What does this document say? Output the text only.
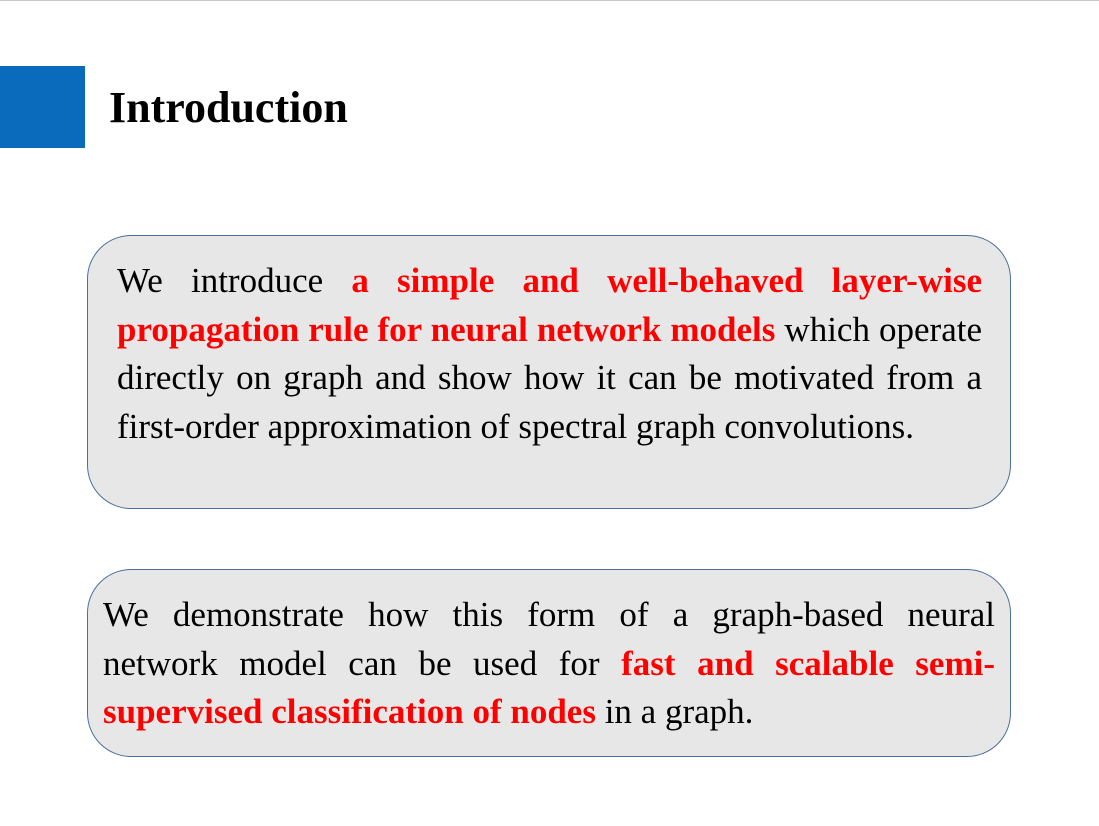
Introduction

We introduce a simple and well-behaved layer-wise propagation rule for neural network models which operate directly on graph and show how it can be motivated from a first-order approximation of spectral graph convolutions.

We demonstrate how this form of a graph-based neural network model can be used for fast and scalable semi-supervised classification of nodes in a graph.
